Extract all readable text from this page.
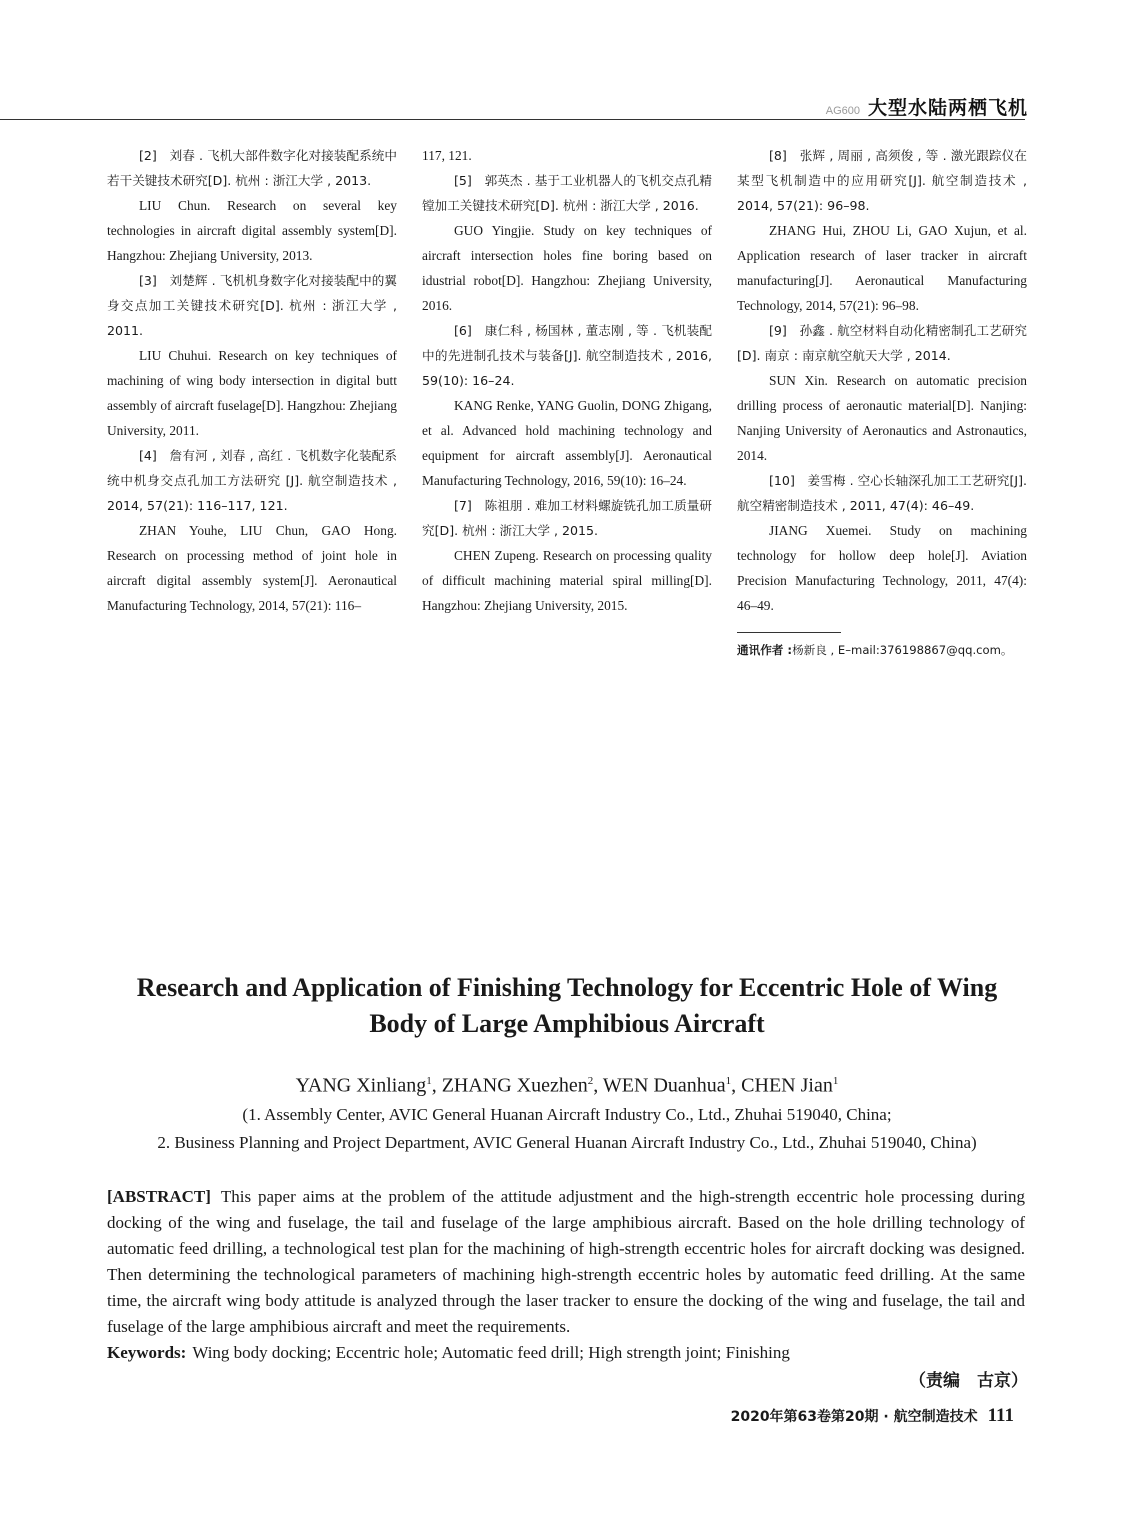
AG600 大型水陆两栖飞机

[2]　刘春 . 飞机大部件数字化对接装配系统中若干关键技术研究[D]. 杭州 : 浙江大学 , 2013.

LIU Chun. Research on several key technologies in aircraft digital assembly system[D]. Hangzhou: Zhejiang University, 2013.

[3]　刘楚辉 . 飞机机身数字化对接装配中的翼身交点加工关键技术研究[D]. 杭州 : 浙江大学 , 2011.

LIU Chuhui. Research on key techniques of machining of wing body intersection in digital butt assembly of aircraft fuselage[D]. Hangzhou: Zhejiang University, 2011.

[4]　詹有河 , 刘春 , 高红 . 飞机数字化装配系统中机身交点孔加工方法研究 [J]. 航空制造技术 , 2014, 57(21): 116–117, 121.

ZHAN Youhe, LIU Chun, GAO Hong. Research on processing method of joint hole in aircraft digital assembly system[J]. Aeronautical Manufacturing Technology, 2014, 57(21): 116–

117, 121.

[5]　郭英杰 . 基于工业机器人的飞机交点孔精镗加工关键技术研究[D]. 杭州 : 浙江大学 , 2016.

GUO Yingjie. Study on key techniques of aircraft intersection holes fine boring based on idustrial robot[D]. Hangzhou: Zhejiang University, 2016.

[6]　康仁科 , 杨国林 , 董志刚 , 等 . 飞机装配中的先进制孔技术与装备[J]. 航空制造技术 , 2016, 59(10): 16–24.

KANG Renke, YANG Guolin, DONG Zhigang, et al. Advanced hold machining technology and equipment for aircraft assembly[J]. Aeronautical Manufacturing Technology, 2016, 59(10): 16–24.

[7]　陈祖朋 . 难加工材料螺旋铣孔加工质量研究[D]. 杭州 : 浙江大学 , 2015.

CHEN Zupeng. Research on processing quality of difficult machining material spiral milling[D]. Hangzhou: Zhejiang University, 2015.

[8]　张辉 , 周丽 , 高须俊 , 等 . 激光跟踪仪在某型飞机制造中的应用研究[J]. 航空制造技术 , 2014, 57(21): 96–98.

ZHANG Hui, ZHOU Li, GAO Xujun, et al. Application research of laser tracker in aircraft manufacturing[J]. Aeronautical Manufacturing Technology, 2014, 57(21): 96–98.

[9]　孙鑫 . 航空材料自动化精密制孔工艺研究[D]. 南京 : 南京航空航天大学 , 2014.

SUN Xin. Research on automatic precision drilling process of aeronautic material[D]. Nanjing: Nanjing University of Aeronautics and Astronautics, 2014.

[10]　姜雪梅 . 空心长轴深孔加工工艺研究[J]. 航空精密制造技术 , 2011, 47(4): 46–49.

JIANG Xuemei. Study on machining technology for hollow deep hole[J]. Aviation Precision Manufacturing Technology, 2011, 47(4): 46–49.

通讯作者 :杨新良 , E–mail:376198867@qq.com。
Research and Application of Finishing Technology for Eccentric Hole of Wing
Body of Large Amphibious Aircraft
YANG Xinliang$^1$, ZHANG Xuezhen$^2$, WEN Duanhua$^1$, CHEN Jian$^1$
(1. Assembly Center, AVIC General Huanan Aircraft Industry Co., Ltd., Zhuhai 519040, China;
2. Business Planning and Project Department, AVIC General Huanan Aircraft Industry Co., Ltd., Zhuhai 519040, China)

[ABSTRACT] This paper aims at the problem of the attitude adjustment and the high-strength eccentric hole processing during docking of the wing and fuselage, the tail and fuselage of the large amphibious aircraft. Based on the hole drilling technology of automatic feed drilling, a technological test plan for the machining of high-strength eccentric holes for aircraft docking was designed. Then determining the technological parameters of machining high-strength eccentric holes by automatic feed drilling. At the same time, the aircraft wing body attitude is analyzed through the laser tracker to ensure the docking of the wing and fuselage, the tail and fuselage of the large amphibious aircraft and meet the requirements.

Keywords: Wing body docking; Eccentric hole; Automatic feed drill; High strength joint; Finishing
（责编　古京）
2020年第63卷第20期 · 航空制造技术 111
